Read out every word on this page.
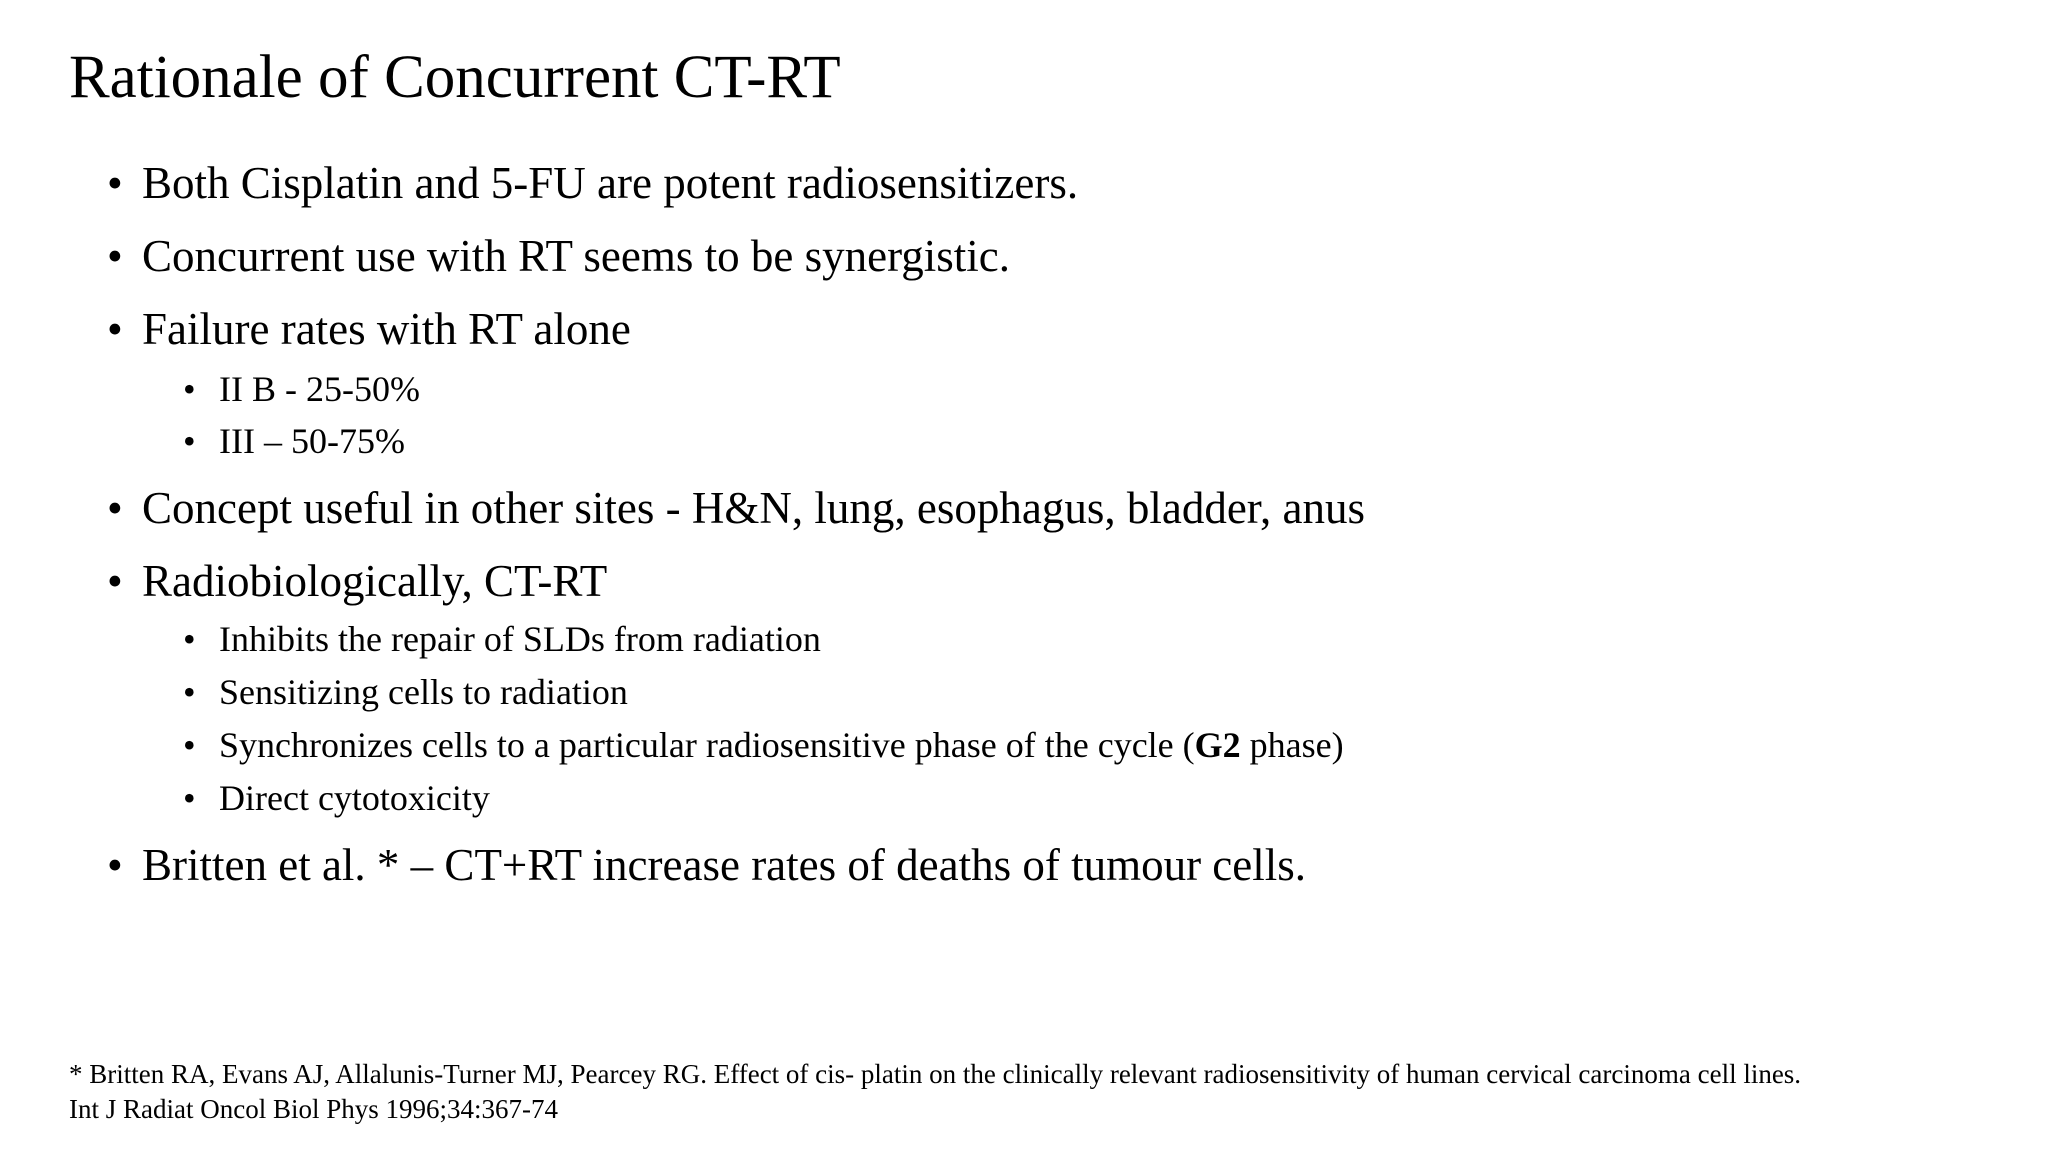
Rationale of Concurrent CT-RT
• Both Cisplatin and 5-FU are potent radiosensitizers.
• Concurrent use with RT seems to be synergistic.
• Failure rates with RT alone
• II B - 25-50%
• III – 50-75%
• Concept useful in other sites - H&N, lung, esophagus, bladder, anus
• Radiobiologically, CT-RT
• Inhibits the repair of SLDs from radiation
• Sensitizing cells to radiation
• Synchronizes cells to a particular radiosensitive phase of the cycle (G2 phase)
• Direct cytotoxicity
• Britten et al. * – CT+RT increase rates of deaths of tumour cells.
* Britten RA, Evans AJ, Allalunis-Turner MJ, Pearcey RG. Effect of cis- platin on the clinically relevant radiosensitivity of human cervical carcinoma cell lines.
Int J Radiat Oncol Biol Phys 1996;34:367-74
